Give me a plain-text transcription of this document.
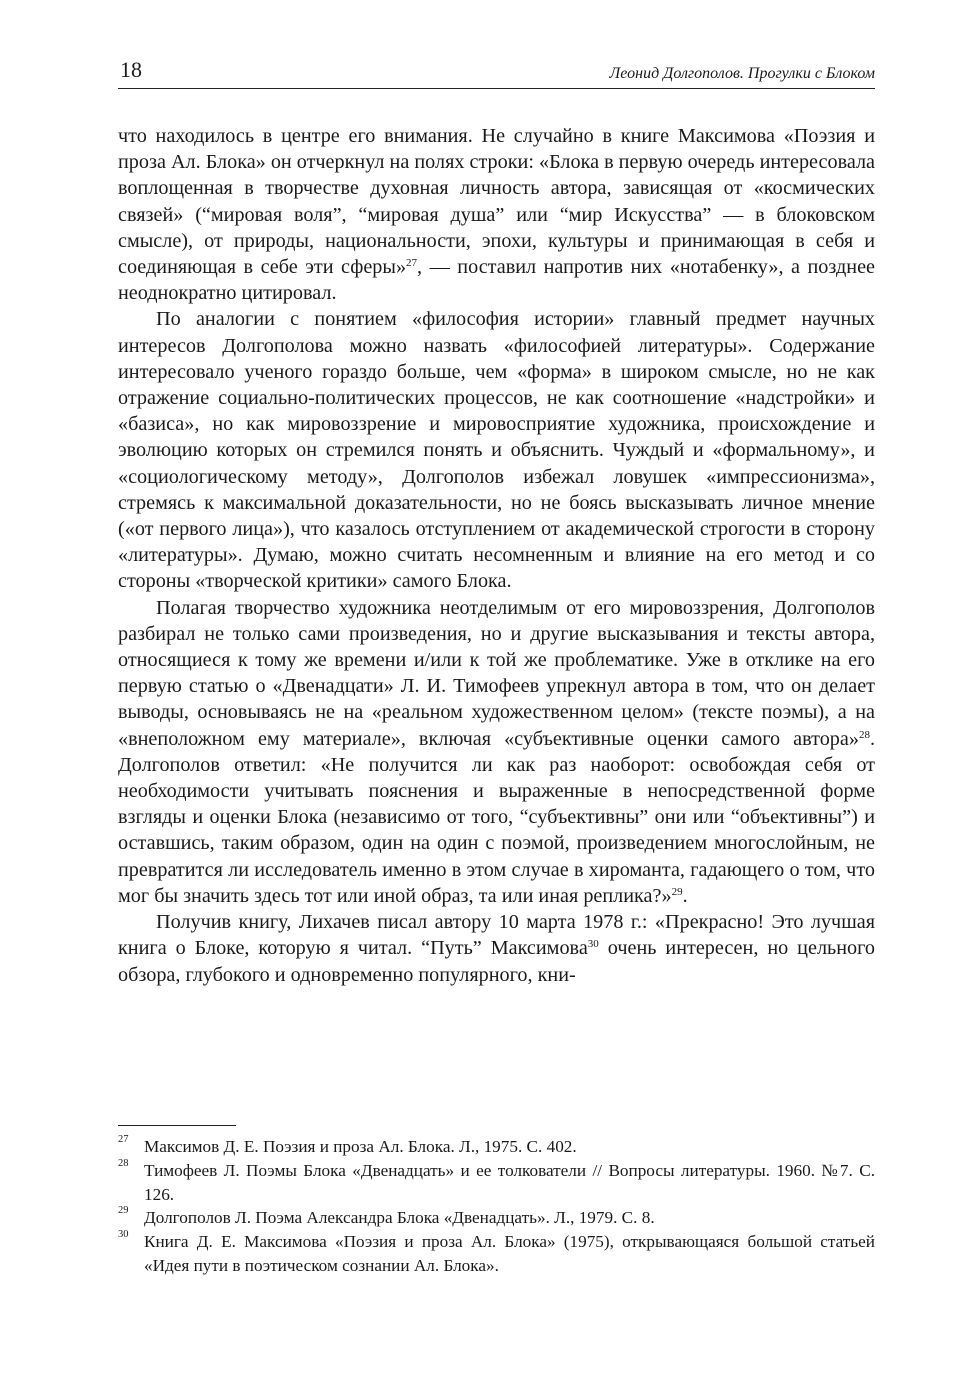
18	Леонид Долгополов. Прогулки с Блоком

что находилось в центре его внимания. Не случайно в книге Максимова «Поэзия и проза Ал. Блока» он отчеркнул на полях строки: «Блока в первую очередь интересовала воплощенная в творчестве духовная личность автора, зависящая от «космических связей» (“мировая воля”, “мировая душа” или “мир Искусства” — в блоковском смысле), от природы, национальности, эпохи, культуры и принимающая в себя и соединяющая в себе эти сферы»$^{27}$, — поставил напротив них «нотабенку», а позднее неоднократно цитировал.

По аналогии с понятием «философия истории» главный предмет научных интересов Долгополова можно назвать «философией литературы». Содержание интересовало ученого гораздо больше, чем «форма» в широком смысле, но не как отражение социально-политических процессов, не как соотношение «надстройки» и «базиса», но как мировоззрение и мировосприятие художника, происхождение и эволюцию которых он стремился понять и объяснить. Чуждый и «формальному», и «социологическому методу», Долгополов избежал ловушек «импрессионизма», стремясь к максимальной доказательности, но не боясь высказывать личное мнение («от первого лица»), что казалось отступлением от академической строгости в сторону «литературы». Думаю, можно считать несомненным и влияние на его метод и со стороны «творческой критики» самого Блока.

Полагая творчество художника неотделимым от его мировоззрения, Долгополов разбирал не только сами произведения, но и другие высказывания и тексты автора, относящиеся к тому же времени и/или к той же проблематике. Уже в отклике на его первую статью о «Двенадцати» Л. И. Тимофеев упрекнул автора в том, что он делает выводы, основываясь не на «реальном художественном целом» (тексте поэмы), а на «внеположном ему материале», включая «субъективные оценки самого автора»$^{28}$. Долгополов ответил: «Не получится ли как раз наоборот: освобождая себя от необходимости учитывать пояснения и выраженные в непосредственной форме взгляды и оценки Блока (независимо от того, “субъективны” они или “объективны”) и оставшись, таким образом, один на один с поэмой, произведением многослойным, не превратится ли исследователь именно в этом случае в хироманта, гадающего о том, что мог бы значить здесь тот или иной образ, та или иная реплика?»$^{29}$.

Получив книгу, Лихачев писал автору 10 марта 1978 г.: «Прекрасно! Это лучшая книга о Блоке, которую я читал. “Путь” Максимова$^{30}$ очень интересен, но цельного обзора, глубокого и одновременно популярного, кни-

27 Максимов Д. Е. Поэзия и проза Ал. Блока. Л., 1975. С. 402.
28 Тимофеев Л. Поэмы Блока «Двенадцать» и ее толкователи // Вопросы литературы. 1960. №7. С. 126.
29 Долгополов Л. Поэма Александра Блока «Двенадцать». Л., 1979. С. 8.
30 Книга Д. Е. Максимова «Поэзия и проза Ал. Блока» (1975), открывающаяся большой статьей «Идея пути в поэтическом сознании Ал. Блока».
